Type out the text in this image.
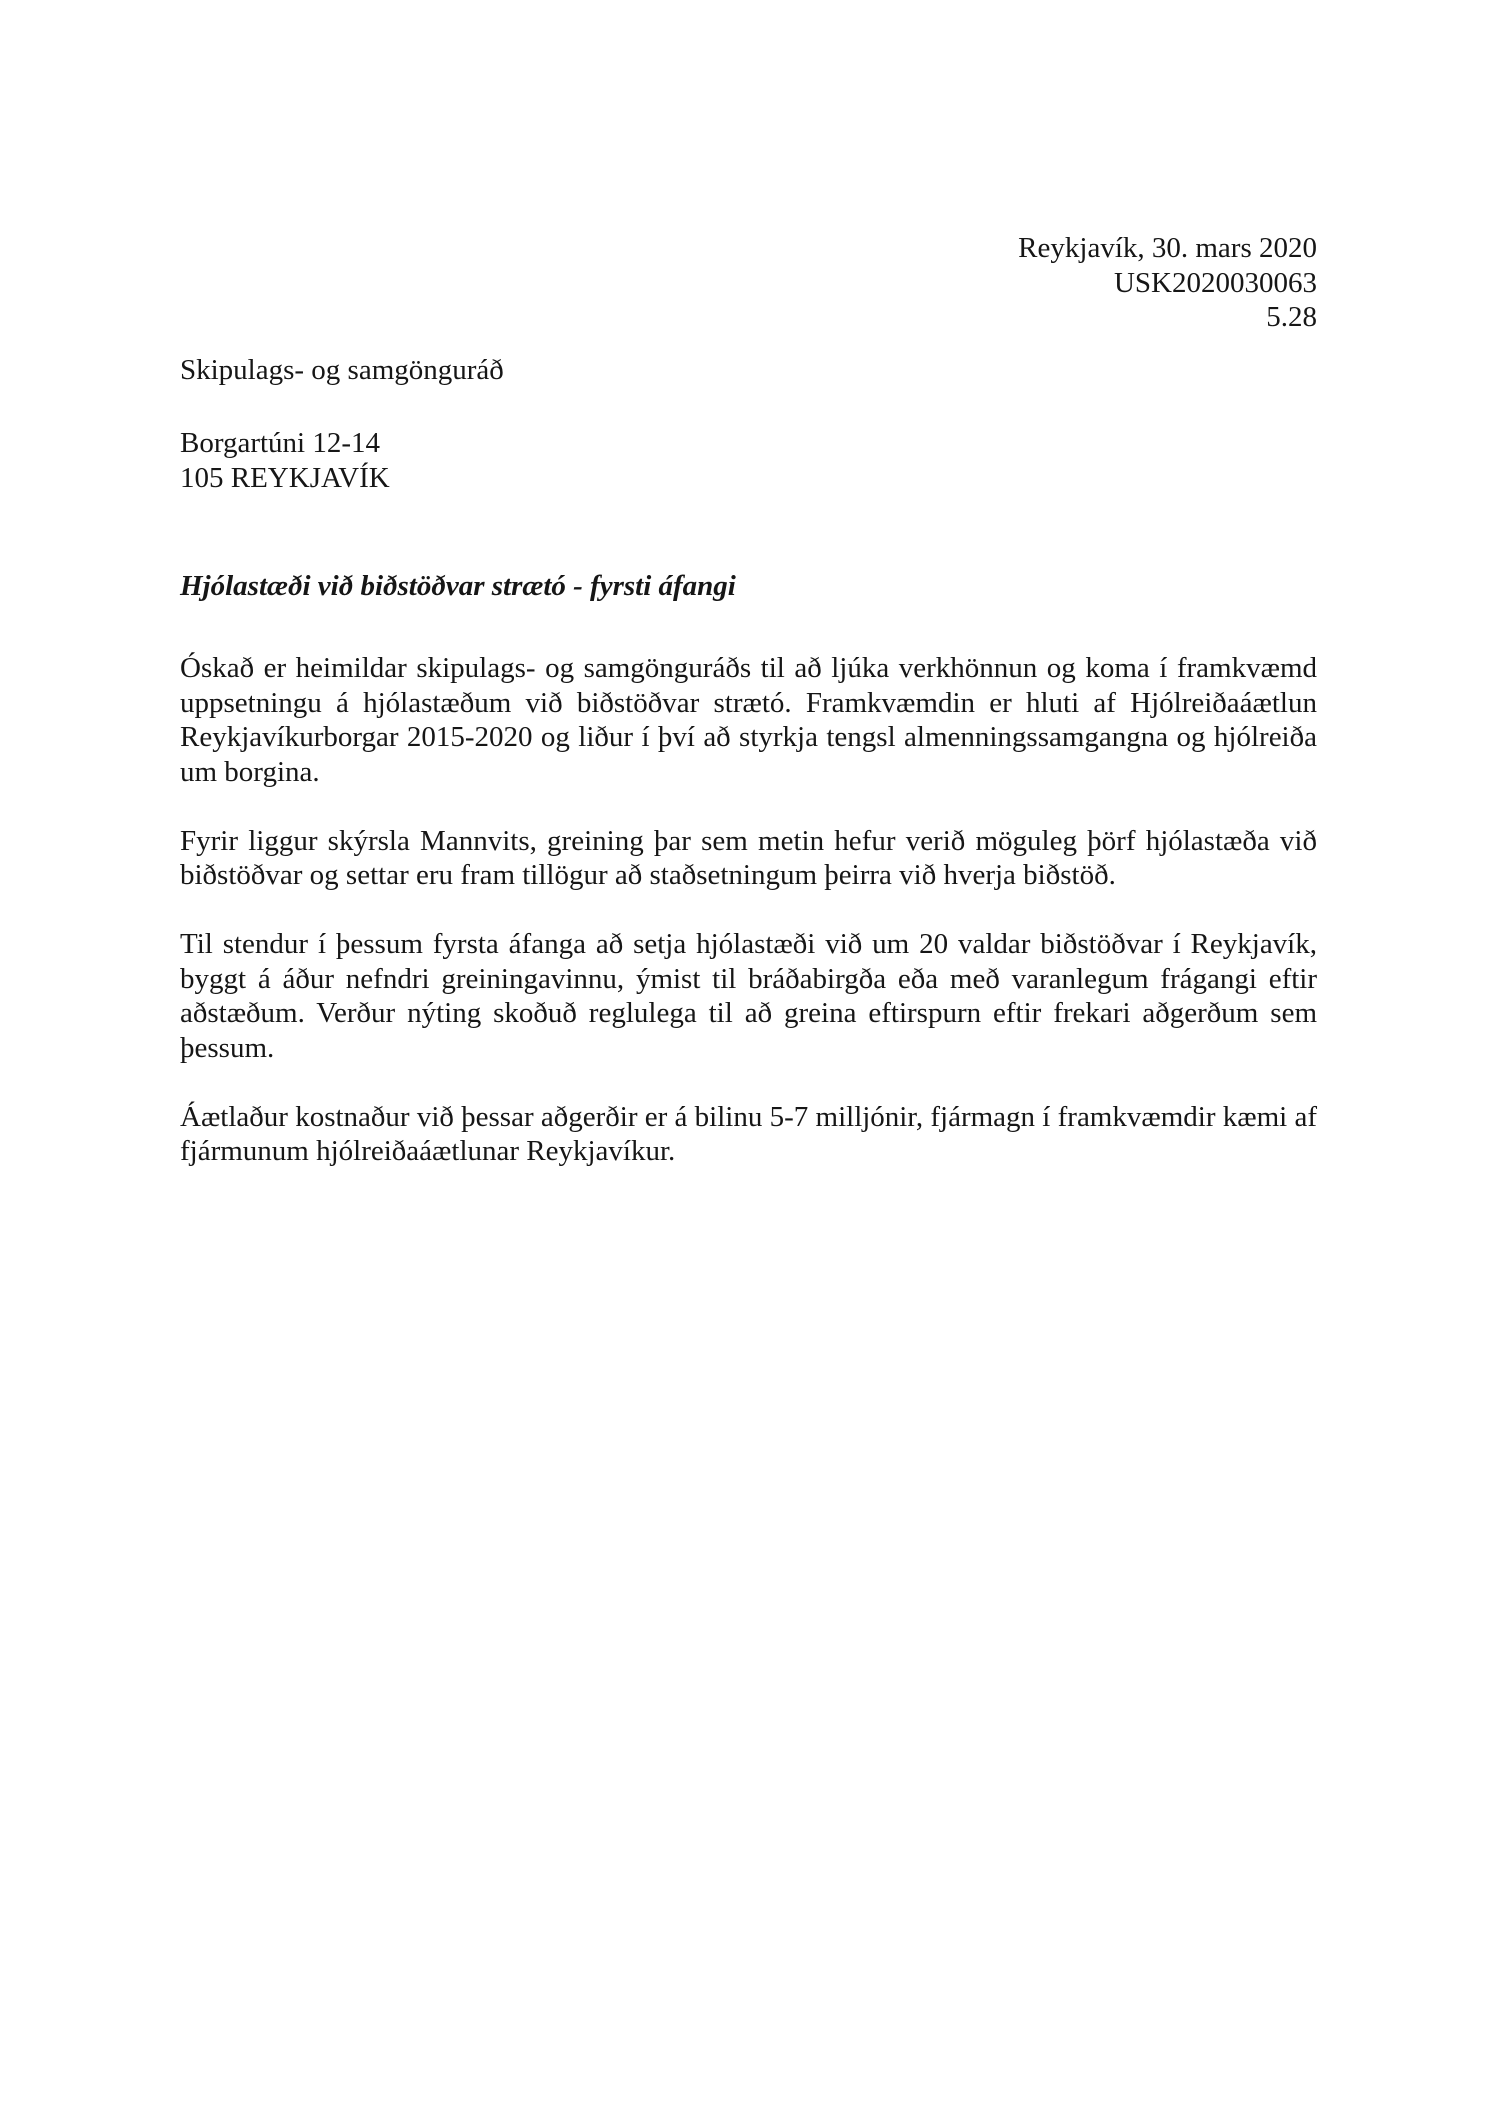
Reykjavík, 30. mars 2020
USK2020030063
5.28
Skipulags- og samgönguráð
Borgartúni 12-14
105 REYKJAVÍK
Hjólastæði við biðstöðvar strætó - fyrsti áfangi

Óskað er heimildar skipulags- og samgönguráðs til að ljúka verkhönnun og koma í framkvæmd uppsetningu á hjólastæðum við biðstöðvar strætó. Framkvæmdin er hluti af Hjólreiðaáætlun Reykjavíkurborgar 2015-2020 og liður í því að styrkja tengsl almenningssamgangna og hjólreiða um borgina.

Fyrir liggur skýrsla Mannvits, greining þar sem metin hefur verið möguleg þörf hjólastæða við biðstöðvar og settar eru fram tillögur að staðsetningum þeirra við hverja biðstöð.

Til stendur í þessum fyrsta áfanga að setja hjólastæði við um 20 valdar biðstöðvar í Reykjavík, byggt á áður nefndri greiningavinnu, ýmist til bráðabirgða eða með varanlegum frágangi eftir aðstæðum. Verður nýting skoðuð reglulega til að greina eftirspurn eftir frekari aðgerðum sem þessum.

Áætlaður kostnaður við þessar aðgerðir er á bilinu 5-7 milljónir, fjármagn í framkvæmdir kæmi af fjármunum hjólreiðaáætlunar Reykjavíkur.
